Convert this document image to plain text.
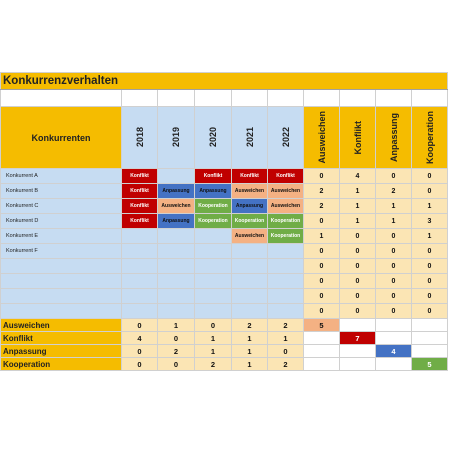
Konkurrenzverhalten									

Konkurrenten	2018	2019	2020	2021	2022	Ausweichen	Konflikt	Anpassung	Kooperation

Konkurrent A	Konflikt		Konflikt	Konflikt	Konflikt	0	4	0	0
Konkurrent B	Konflikt	Anpassung	Anpassung	Ausweichen	Ausweichen	2	1	2	0
Konkurrent C	Konflikt	Ausweichen	Kooperation	Anpassung	Ausweichen	2	1	1	1
Konkurrent D	Konflikt	Anpassung	Kooperation	Kooperation	Kooperation	0	1	1	3
Konkurrent E				Ausweichen	Kooperation	1	0	0	1
Konkurrent F						0	0	0	0
						0	0	0	0
						0	0	0	0
						0	0	0	0
						0	0	0	0
Ausweichen	0	1	0	2	2	5			
Konflikt	4	0	1	1	1		7		
Anpassung	0	2	1	1	0			4	
Kooperation	0	0	2	1	2				5
